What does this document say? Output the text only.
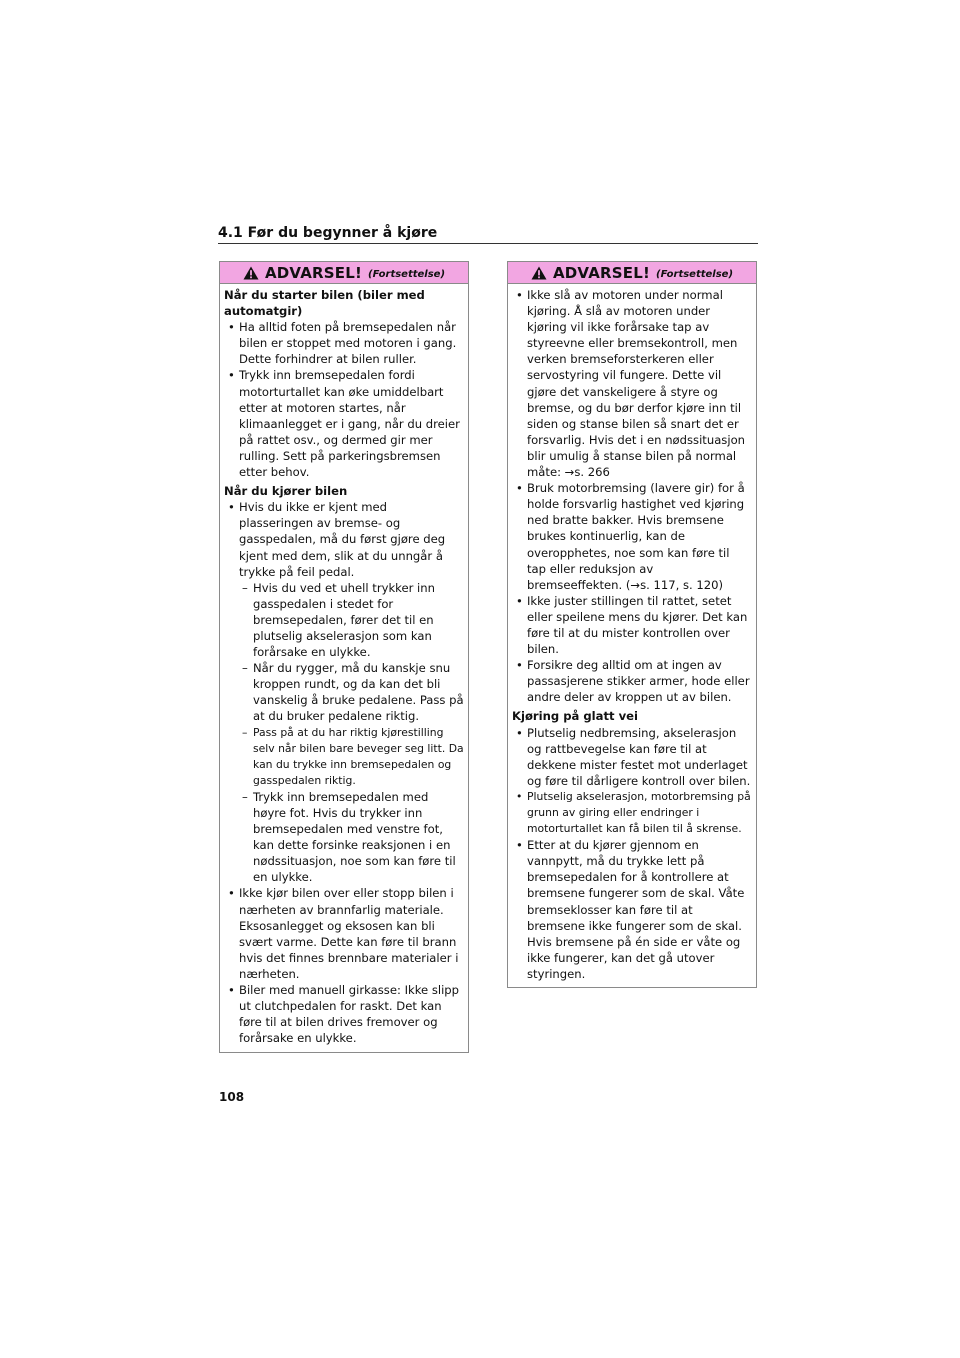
4.1 Før du begynner å kjøre
ADVARSEL! (Fortsettelse)
Når du starter bilen (biler med automatgir)
• Ha alltid foten på bremsepedalen når bilen er stoppet med motoren i gang. Dette forhindrer at bilen ruller.
• Trykk inn bremsepedalen fordi motorturtallet kan øke umiddelbart etter at motoren startes, når klimaanlegget er i gang, når du dreier på rattet osv., og dermed gir mer rulling. Sett på parkeringsbremsen etter behov.
Når du kjører bilen
• Hvis du ikke er kjent med plasseringen av bremse- og gasspedalen, må du først gjøre deg kjent med dem, slik at du unngår å trykke på feil pedal.
– Hvis du ved et uhell trykker inn gasspedalen i stedet for bremsepedalen, fører det til en plutselig akselerasjon som kan forårsake en ulykke.
– Når du rygger, må du kanskje snu kroppen rundt, og da kan det bli vanskelig å bruke pedalene. Pass på at du bruker pedalene riktig.
– Pass på at du har riktig kjørestilling selv når bilen bare beveger seg litt. Da kan du trykke inn bremsepedalen og gasspedalen riktig.
– Trykk inn bremsepedalen med høyre fot. Hvis du trykker inn bremsepedalen med venstre fot, kan dette forsinke reaksjonen i en nødssituasjon, noe som kan føre til en ulykke.
• Ikke kjør bilen over eller stopp bilen i nærheten av brannfarlig materiale. Eksosanlegget og eksosen kan bli svært varme. Dette kan føre til brann hvis det finnes brennbare materialer i nærheten.
• Biler med manuell girkasse: Ikke slipp ut clutchpedalen for raskt. Det kan føre til at bilen drives fremover og forårsake en ulykke.
ADVARSEL! (Fortsettelse)
• Ikke slå av motoren under normal kjøring. Å slå av motoren under kjøring vil ikke forårsake tap av styreevne eller bremsekontroll, men verken bremseforsterkeren eller servostyring vil fungere. Dette vil gjøre det vanskeligere å styre og bremse, og du bør derfor kjøre inn til siden og stanse bilen så snart det er forsvarlig. Hvis det i en nødssituasjon blir umulig å stanse bilen på normal måte: →s. 266
• Bruk motorbremsing (lavere gir) for å holde forsvarlig hastighet ved kjøring ned bratte bakker. Hvis bremsene brukes kontinuerlig, kan de overopphetes, noe som kan føre til tap eller reduksjon av bremseeffekten. (→s. 117, s. 120)
• Ikke juster stillingen til rattet, setet eller speilene mens du kjører. Det kan føre til at du mister kontrollen over bilen.
• Forsikre deg alltid om at ingen av passasjerene stikker armer, hode eller andre deler av kroppen ut av bilen.
Kjøring på glatt vei
• Plutselig nedbremsing, akselerasjon og rattbevegelse kan føre til at dekkene mister festet mot underlaget og føre til dårligere kontroll over bilen.
• Plutselig akselerasjon, motorbremsing på grunn av giring eller endringer i motorturtallet kan få bilen til å skrense.
• Etter at du kjører gjennom en vannpytt, må du trykke lett på bremsepedalen for å kontrollere at bremsene fungerer som de skal. Våte bremseklosser kan føre til at bremsene ikke fungerer som de skal. Hvis bremsene på én side er våte og ikke fungerer, kan det gå utover styringen.
108
